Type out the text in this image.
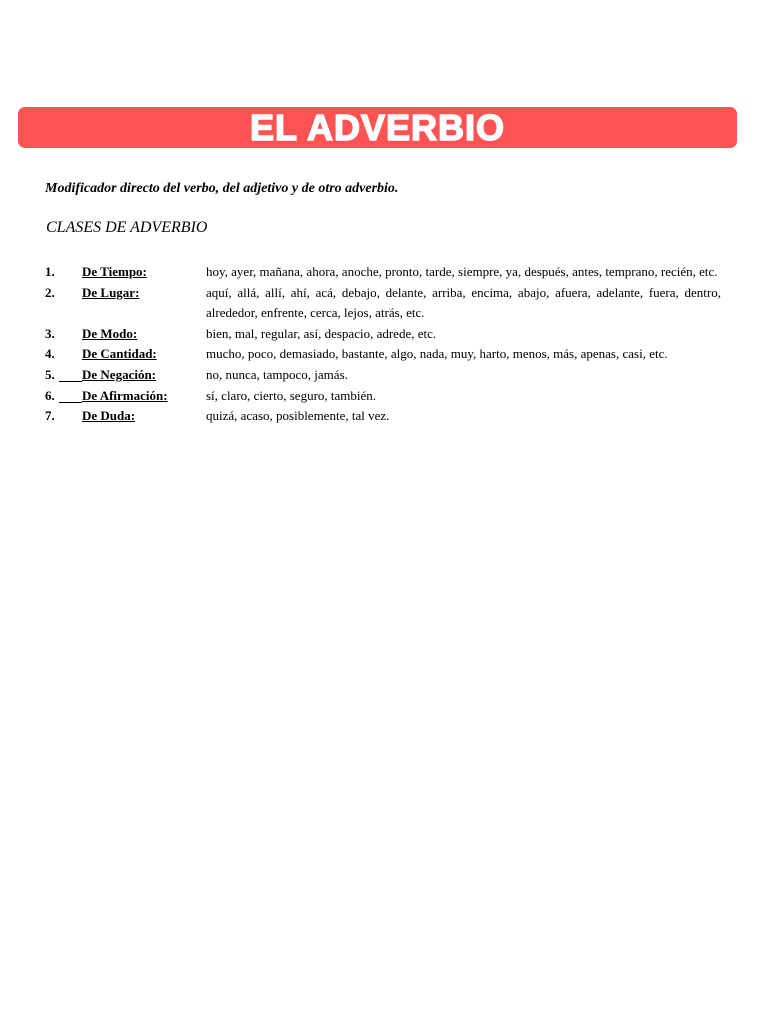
EL ADVERBIO
Modificador directo del verbo, del adjetivo y de otro adverbio.
CLASES DE ADVERBIO
1. De Tiempo:	hoy, ayer, mañana, ahora, anoche, pronto, tarde, siempre, ya, después, antes, temprano, recién, etc.
2. De Lugar:	aquí, allá, allí, ahí, acá, debajo, delante, arriba, encima, abajo, afuera, adelante, fuera, dentro, alrededor, enfrente, cerca, lejos, atrás, etc.
3. De Modo:	bien, mal, regular, así, despacio, adrede, etc.
4. De Cantidad:	mucho, poco, demasiado, bastante, algo, nada, muy, harto, menos, más, apenas, casi, etc.
5. De Negación:	no, nunca, tampoco, jamás.
6. De Afirmación:	sí, claro, cierto, seguro, también.
7. De Duda:	quizá, acaso, posiblemente, tal vez.
